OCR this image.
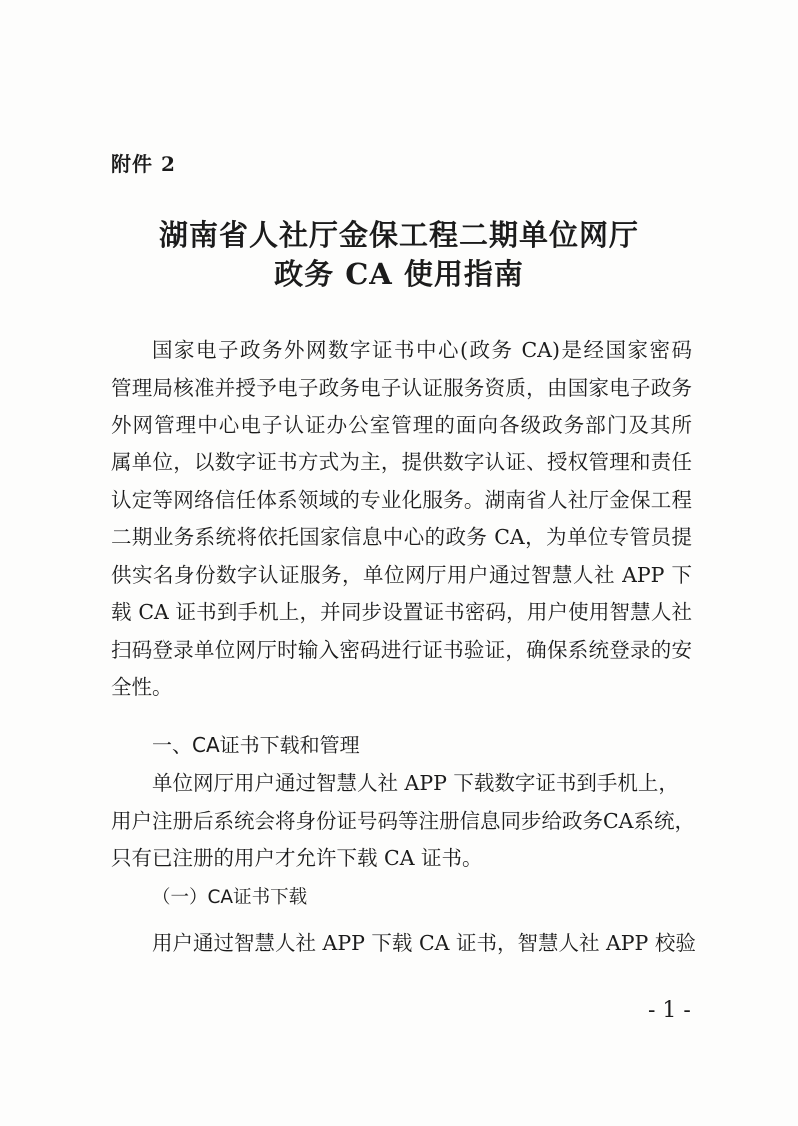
附件 2
湖南省人社厅金保工程二期单位网厅
政务 CA 使用指南
国家电子政务外网数字证书中心(政务 CA)是经国家密码
管理局核准并授予电子政务电子认证服务资质，由国家电子政务
外网管理中心电子认证办公室管理的面向各级政务部门及其所
属单位，以数字证书方式为主，提供数字认证、授权管理和责任
认定等网络信任体系领域的专业化服务。湖南省人社厅金保工程
二期业务系统将依托国家信息中心的政务 CA，为单位专管员提
供实名身份数字认证服务，单位网厅用户通过智慧人社 APP 下
载 CA 证书到手机上，并同步设置证书密码，用户使用智慧人社
扫码登录单位网厅时输入密码进行证书验证，确保系统登录的安
全性。
一、CA证书下载和管理
单位网厅用户通过智慧人社 APP 下载数字证书到手机上，
用户注册后系统会将身份证号码等注册信息同步给政务CA系统，
只有已注册的用户才允许下载 CA 证书。
（一）CA证书下载
用户通过智慧人社 APP 下载 CA 证书，智慧人社 APP 校验
- 1 -
